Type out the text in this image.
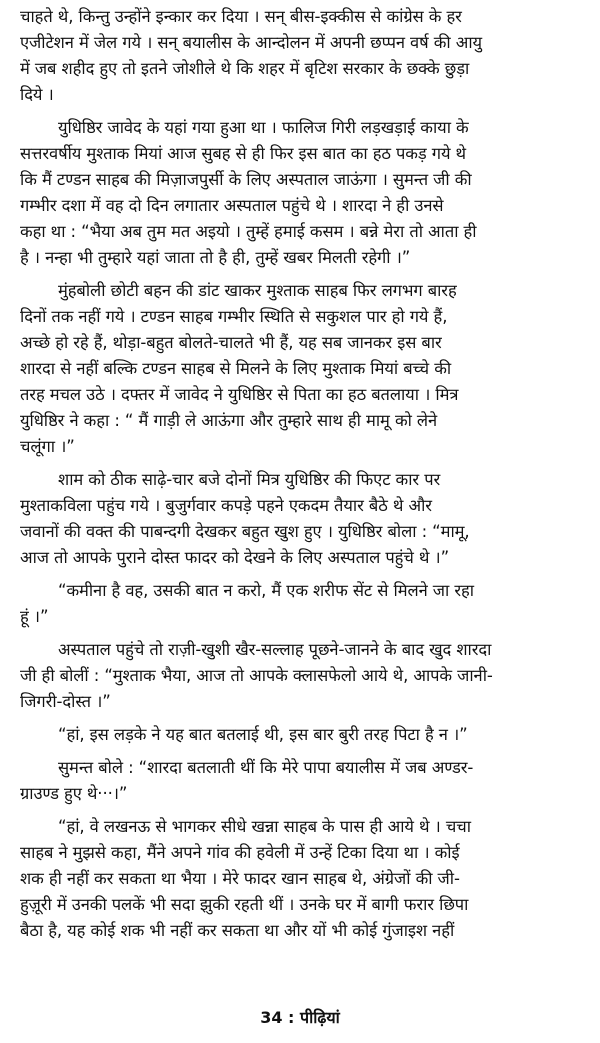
चाहते थे, किन्तु उन्होंने इन्कार कर दिया । सन् बीस-इक्कीस से कांग्रेस के हर
एजीटेशन में जेल गये । सन् बयालीस के आन्दोलन में अपनी छप्पन वर्ष की आयु
में जब शहीद हुए तो इतने जोशीले थे कि शहर में बृटिश सरकार के छक्के छुड़ा
दिये ।
युधिष्ठिर जावेद के यहां गया हुआ था । फालिज गिरी लड़खड़ाई काया के
सत्तरवर्षीय मुश्ताक मियां आज सुबह से ही फिर इस बात का हठ पकड़ गये थे
कि मैं टण्डन साहब की मिज़ाजपुर्सी के लिए अस्पताल जाऊंगा । सुमन्त जी की
गम्भीर दशा में वह दो दिन लगातार अस्पताल पहुंचे थे । शारदा ने ही उनसे
कहा था : “भैया अब तुम मत अइयो । तुम्हें हमाई कसम । बन्ने मेरा तो आता ही
है । नन्हा भी तुम्हारे यहां जाता तो है ही, तुम्हें खबर मिलती रहेगी ।”
मुंहबोली छोटी बहन की डांट खाकर मुश्ताक साहब फिर लगभग बारह
दिनों तक नहीं गये । टण्डन साहब गम्भीर स्थिति से सकुशल पार हो गये हैं,
अच्छे हो रहे हैं, थोड़ा-बहुत बोलते-चालते भी हैं, यह सब जानकर इस बार
शारदा से नहीं बल्कि टण्डन साहब से मिलने के लिए मुश्ताक मियां बच्चे की
तरह मचल उठे । दफ्तर में जावेद ने युधिष्ठिर से पिता का हठ बतलाया । मित्र
युधिष्ठिर ने कहा : “ मैं गाड़ी ले आऊंगा और तुम्हारे साथ ही मामू को लेने
चलूंगा ।”
शाम को ठीक साढ़े-चार बजे दोनों मित्र युधिष्ठिर की फिएट कार पर
मुश्ताकविला पहुंच गये । बुजुर्गवार कपड़े पहने एकदम तैयार बैठे थे और
जवानों की वक्त की पाबन्दगी देखकर बहुत खुश हुए । युधिष्ठिर बोला : “मामू,
आज तो आपके पुराने दोस्त फादर को देखने के लिए अस्पताल पहुंचे थे ।”
“कमीना है वह, उसकी बात न करो, मैं एक शरीफ सेंट से मिलने जा रहा
हूं ।”
अस्पताल पहुंचे तो राज़ी-खुशी खैर-सल्लाह पूछने-जानने के बाद खुद शारदा
जी ही बोलीं : “मुश्ताक भैया, आज तो आपके क्लासफेलो आये थे, आपके जानी-
जिगरी-दोस्त ।”
“हां, इस लड़के ने यह बात बतलाई थी, इस बार बुरी तरह पिटा है न ।”
सुमन्त बोले : “शारदा बतलाती थीं कि मेरे पापा बयालीस में जब अण्डर-
ग्राउण्ड हुए थे···।”
“हां, वे लखनऊ से भागकर सीधे खन्ना साहब के पास ही आये थे । चचा
साहब ने मुझसे कहा, मैंने अपने गांव की हवेली में उन्हें टिका दिया था । कोई
शक ही नहीं कर सकता था भैया । मेरे फादर खान साहब थे, अंग्रेजों की जी-
हुज़ूरी में उनकी पलकें भी सदा झुकी रहती थीं । उनके घर में बागी फरार छिपा
बैठा है, यह कोई शक भी नहीं कर सकता था और यों भी कोई गुंजाइश नहीं
34 : पीढ़ियां
